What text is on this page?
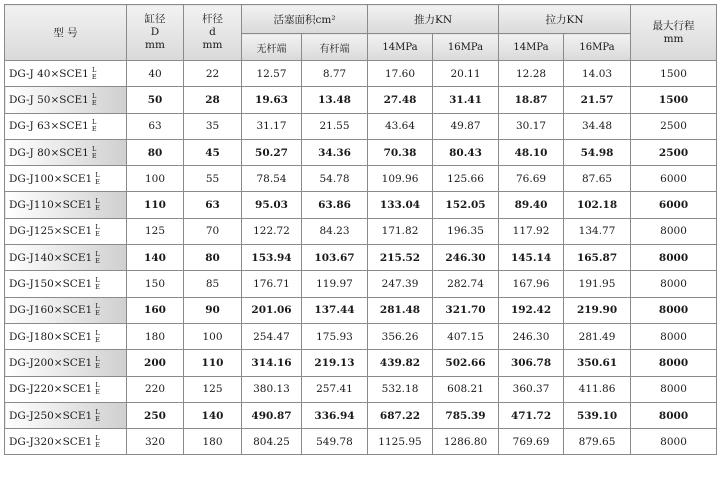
型 号	缸径
D
mm	杆径
d
mm	活塞面积cm²		推力KN		拉力KN		最大行程
mm

			无杆端	有杆端	14MPa	16MPa	14MPa	16MPa	
DG-J 40×SCE1 L
E	40	22	12.57	8.77	17.60	20.11	12.28	14.03	1500
DG-J 50×SCE1 L
E	50	28	19.63	13.48	27.48	31.41	18.87	21.57	1500
DG-J 63×SCE1 L
E	63	35	31.17	21.55	43.64	49.87	30.17	34.48	2500
DG-J 80×SCE1 L
E	80	45	50.27	34.36	70.38	80.43	48.10	54.98	2500
DG-J100×SCE1 L
E	100	55	78.54	54.78	109.96	125.66	76.69	87.65	6000
DG-J110×SCE1 L
E	110	63	95.03	63.86	133.04	152.05	89.40	102.18	6000
DG-J125×SCE1 L
E	125	70	122.72	84.23	171.82	196.35	117.92	134.77	8000
DG-J140×SCE1 L
E	140	80	153.94	103.67	215.52	246.30	145.14	165.87	8000
DG-J150×SCE1 L
E	150	85	176.71	119.97	247.39	282.74	167.96	191.95	8000
DG-J160×SCE1 L
E	160	90	201.06	137.44	281.48	321.70	192.42	219.90	8000
DG-J180×SCE1 L
E	180	100	254.47	175.93	356.26	407.15	246.30	281.49	8000
DG-J200×SCE1 L
E	200	110	314.16	219.13	439.82	502.66	306.78	350.61	8000
DG-J220×SCE1 L
E	220	125	380.13	257.41	532.18	608.21	360.37	411.86	8000
DG-J250×SCE1 L
E	250	140	490.87	336.94	687.22	785.39	471.72	539.10	8000
DG-J320×SCE1 L
E	320	180	804.25	549.78	1125.95	1286.80	769.69	879.65	8000
